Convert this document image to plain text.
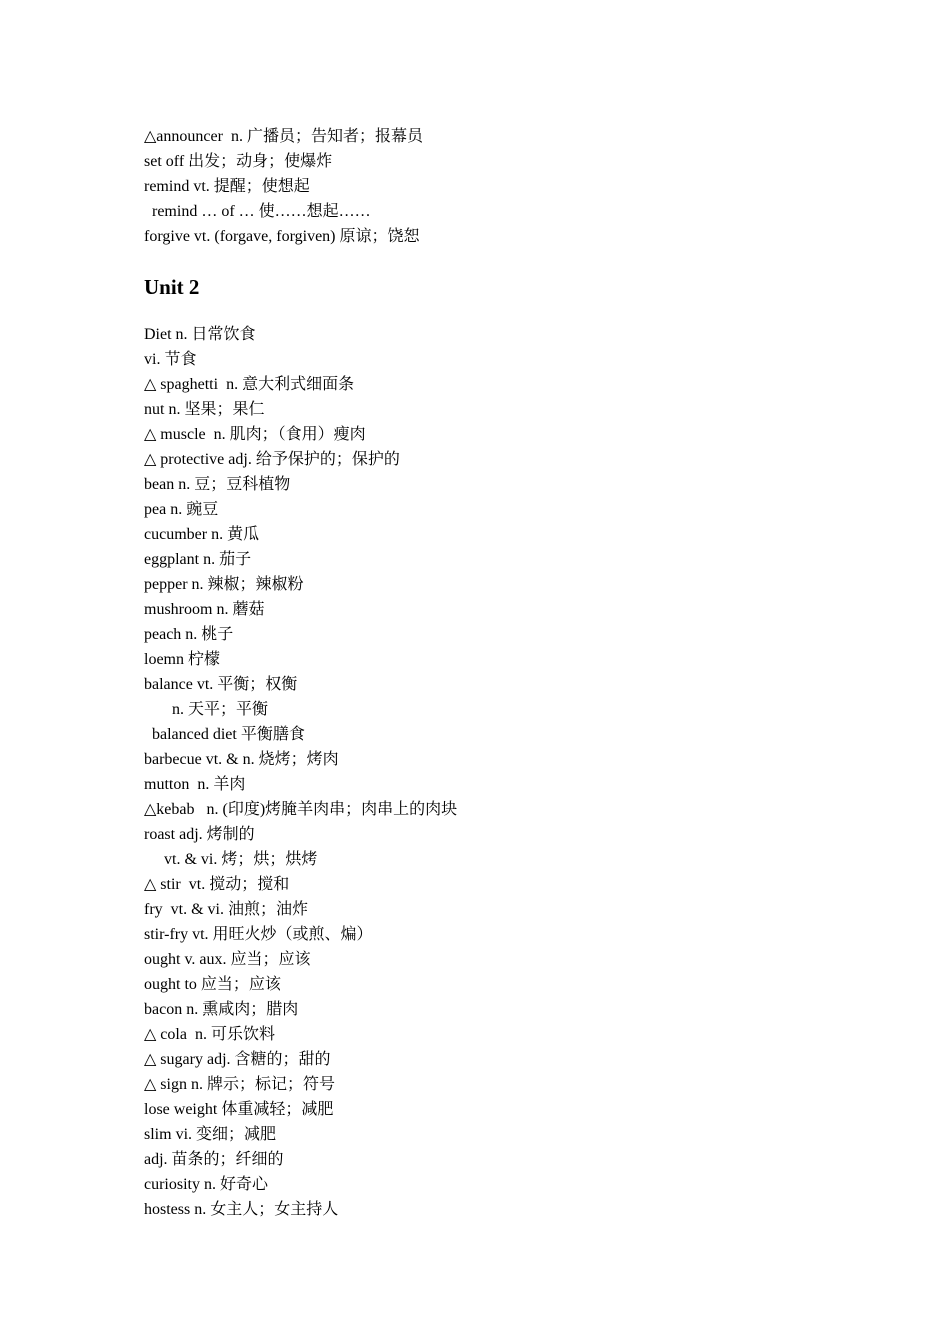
△announcer  n. 广播员；告知者；报幕员
set off 出发；动身；使爆炸
remind vt. 提醒；使想起
remind … of … 使……想起……
forgive vt. (forgave, forgiven) 原谅；饶恕
Unit 2
Diet n. 日常饮食
vi. 节食
△ spaghetti  n. 意大利式细面条
nut n. 坚果；果仁
△ muscle  n. 肌肉；（食用）瘦肉
△ protective adj. 给予保护的；保护的
bean n. 豆；豆科植物
pea n. 豌豆
cucumber n. 黄瓜
eggplant n. 茄子
pepper n. 辣椒；辣椒粉
mushroom n. 蘑菇
peach n. 桃子
loemn 柠檬
balance vt. 平衡；权衡
n. 天平；平衡
balanced diet 平衡膳食
barbecue vt. & n. 烧烤；烤肉
mutton  n. 羊肉
△kebab   n. (印度)烤腌羊肉串；肉串上的肉块
roast adj. 烤制的
vt. & vi. 烤；烘；烘烤
△ stir  vt. 搅动；搅和
fry  vt. & vi. 油煎；油炸
stir-fry vt. 用旺火炒（或煎、煸）
ought v. aux. 应当；应该
ought to 应当；应该
bacon n. 熏咸肉；腊肉
△ cola  n. 可乐饮料
△ sugary adj. 含糖的；甜的
△ sign n. 牌示；标记；符号
lose weight 体重减轻；减肥
slim vi. 变细；减肥
adj. 苗条的；纤细的
curiosity n. 好奇心
hostess n. 女主人；女主持人
